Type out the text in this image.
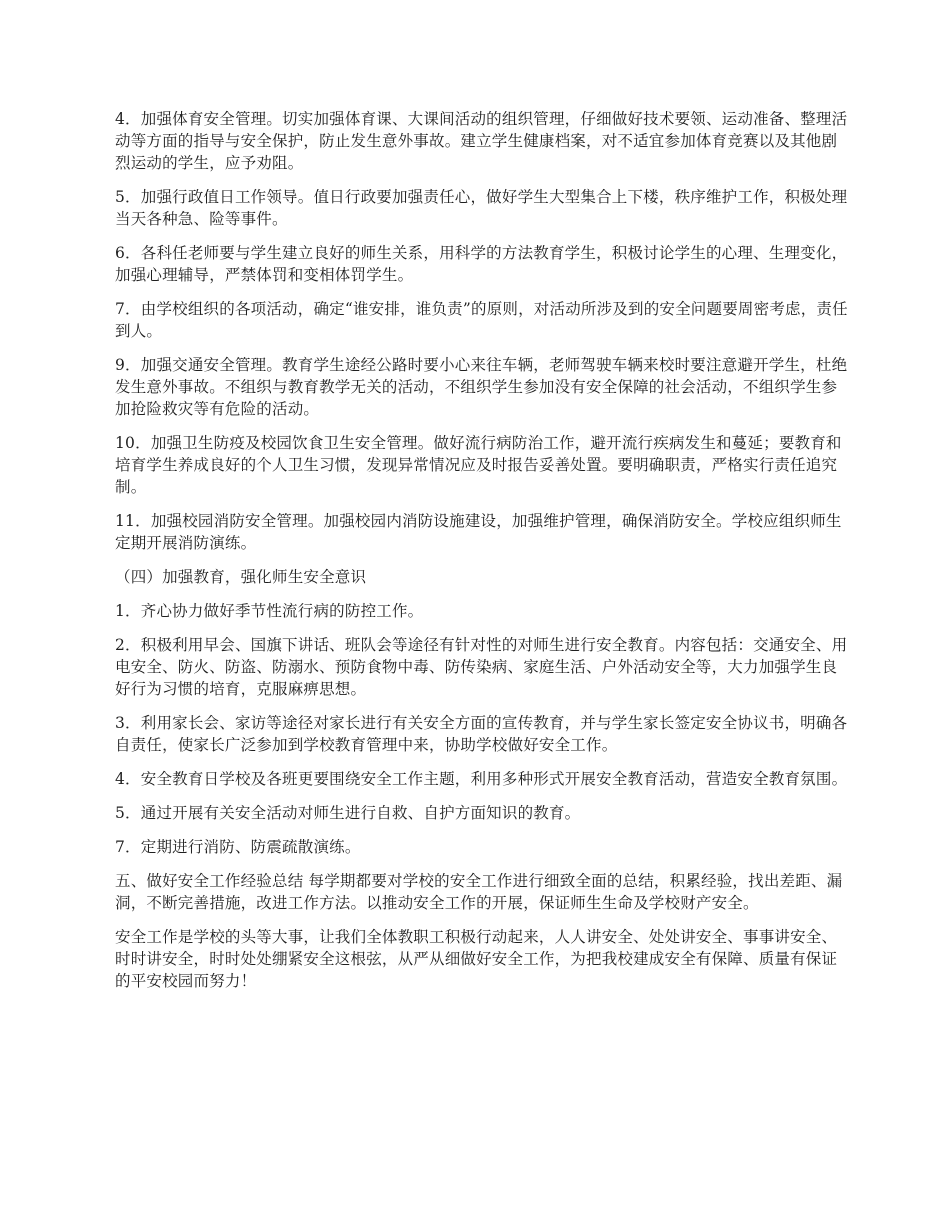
4．加强体育安全管理。切实加强体育课、大课间活动的组织管理，仔细做好技术要领、运动准备、整理活动等方面的指导与安全保护，防止发生意外事故。建立学生健康档案，对不适宜参加体育竞赛以及其他剧烈运动的学生，应予劝阻。

5．加强行政值日工作领导。值日行政要加强责任心，做好学生大型集合上下楼，秩序维护工作，积极处理当天各种急、险等事件。

6．各科任老师要与学生建立良好的师生关系，用科学的方法教育学生，积极讨论学生的心理、生理变化，加强心理辅导，严禁体罚和变相体罚学生。

7．由学校组织的各项活动，确定“谁安排，谁负责”的原则，对活动所涉及到的安全问题要周密考虑，责任到人。

9．加强交通安全管理。教育学生途经公路时要小心来往车辆，老师驾驶车辆来校时要注意避开学生，杜绝发生意外事故。不组织与教育教学无关的活动，不组织学生参加没有安全保障的社会活动，不组织学生参加抢险救灾等有危险的活动。

10．加强卫生防疫及校园饮食卫生安全管理。做好流行病防治工作，避开流行疾病发生和蔓延；要教育和培育学生养成良好的个人卫生习惯，发现异常情况应及时报告妥善处置。要明确职责，严格实行责任追究制。

11．加强校园消防安全管理。加强校园内消防设施建设，加强维护管理，确保消防安全。学校应组织师生定期开展消防演练。

（四）加强教育，强化师生安全意识

1．齐心协力做好季节性流行病的防控工作。

2．积极利用早会、国旗下讲话、班队会等途径有针对性的对师生进行安全教育。内容包括：交通安全、用电安全、防火、防盗、防溺水、预防食物中毒、防传染病、家庭生活、户外活动安全等，大力加强学生良好行为习惯的培育，克服麻痹思想。

3．利用家长会、家访等途径对家长进行有关安全方面的宣传教育，并与学生家长签定安全协议书，明确各自责任，使家长广泛参加到学校教育管理中来，协助学校做好安全工作。

4．安全教育日学校及各班更要围绕安全工作主题，利用多种形式开展安全教育活动，营造安全教育氛围。

5．通过开展有关安全活动对师生进行自救、自护方面知识的教育。

7．定期进行消防、防震疏散演练。

五、做好安全工作经验总结 每学期都要对学校的安全工作进行细致全面的总结，积累经验，找出差距、漏洞，不断完善措施，改进工作方法。以推动安全工作的开展，保证师生生命及学校财产安全。

安全工作是学校的头等大事，让我们全体教职工积极行动起来，人人讲安全、处处讲安全、事事讲安全、时时讲安全，时时处处绷紧安全这根弦，从严从细做好安全工作，为把我校建成安全有保障、质量有保证的平安校园而努力！
